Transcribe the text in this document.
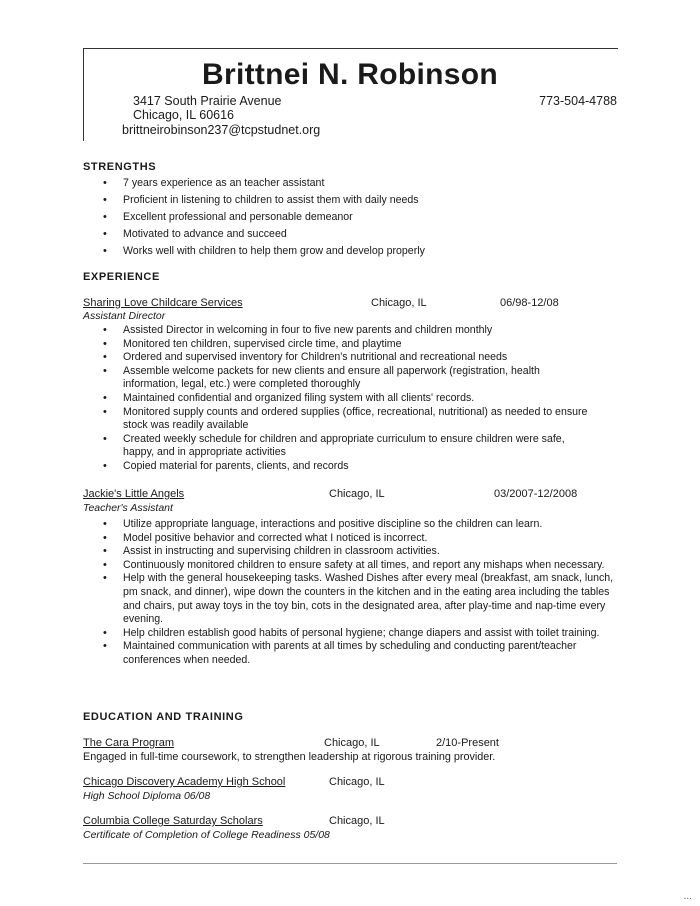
Brittnei N. Robinson
3417 South Prairie Avenue
Chicago, IL 60616
brittneirobinson237@tcpstudnet.org
773-504-4788
STRENGTHS
• 7 years experience as an teacher assistant
• Proficient in listening to children to assist them with daily needs
• Excellent professional and personable demeanor
• Motivated to advance and succeed
• Works well with children to help them grow and develop properly
EXPERIENCE
Sharing Love Childcare Services	Chicago, IL	06/98-12/08
Assistant Director
• Assisted Director in welcoming in four to five new parents and children monthly
• Monitored ten children, supervised circle time, and playtime
• Ordered and supervised inventory for Children's nutritional and recreational needs
• Assemble welcome packets for new clients and ensure all paperwork (registration, health information, legal, etc.) were completed thoroughly
• Maintained confidential and organized filing system with all clients' records.
• Monitored supply counts and ordered supplies (office, recreational, nutritional) as needed to ensure stock was readily available
• Created weekly schedule for children and appropriate curriculum to ensure children were safe, happy, and in appropriate activities
• Copied material for parents, clients, and records
Jackie's Little Angels	Chicago, IL	03/2007-12/2008
Teacher's Assistant
• Utilize appropriate language, interactions and positive discipline so the children can learn.
• Model positive behavior and corrected what I noticed is incorrect.
• Assist in instructing and supervising children in classroom activities.
• Continuously monitored children to ensure safety at all times, and report any mishaps when necessary.
• Help with the general housekeeping tasks. Washed Dishes after every meal (breakfast, am snack, lunch, pm snack, and dinner), wipe down the counters in the kitchen and in the eating area including the tables and chairs, put away toys in the toy bin, cots in the designated area, after play-time and nap-time every evening.
• Help children establish good habits of personal hygiene; change diapers and assist with toilet training.
• Maintained communication with parents at all times by scheduling and conducting parent/teacher conferences when needed.
EDUCATION AND TRAINING
The Cara Program	Chicago, IL	2/10-Present
Engaged in full-time coursework, to strengthen leadership at rigorous training provider.
Chicago Discovery Academy High School	Chicago, IL
High School Diploma 06/08
Columbia College Saturday Scholars	Chicago, IL
Certificate of Completion of College Readiness 05/08
...
